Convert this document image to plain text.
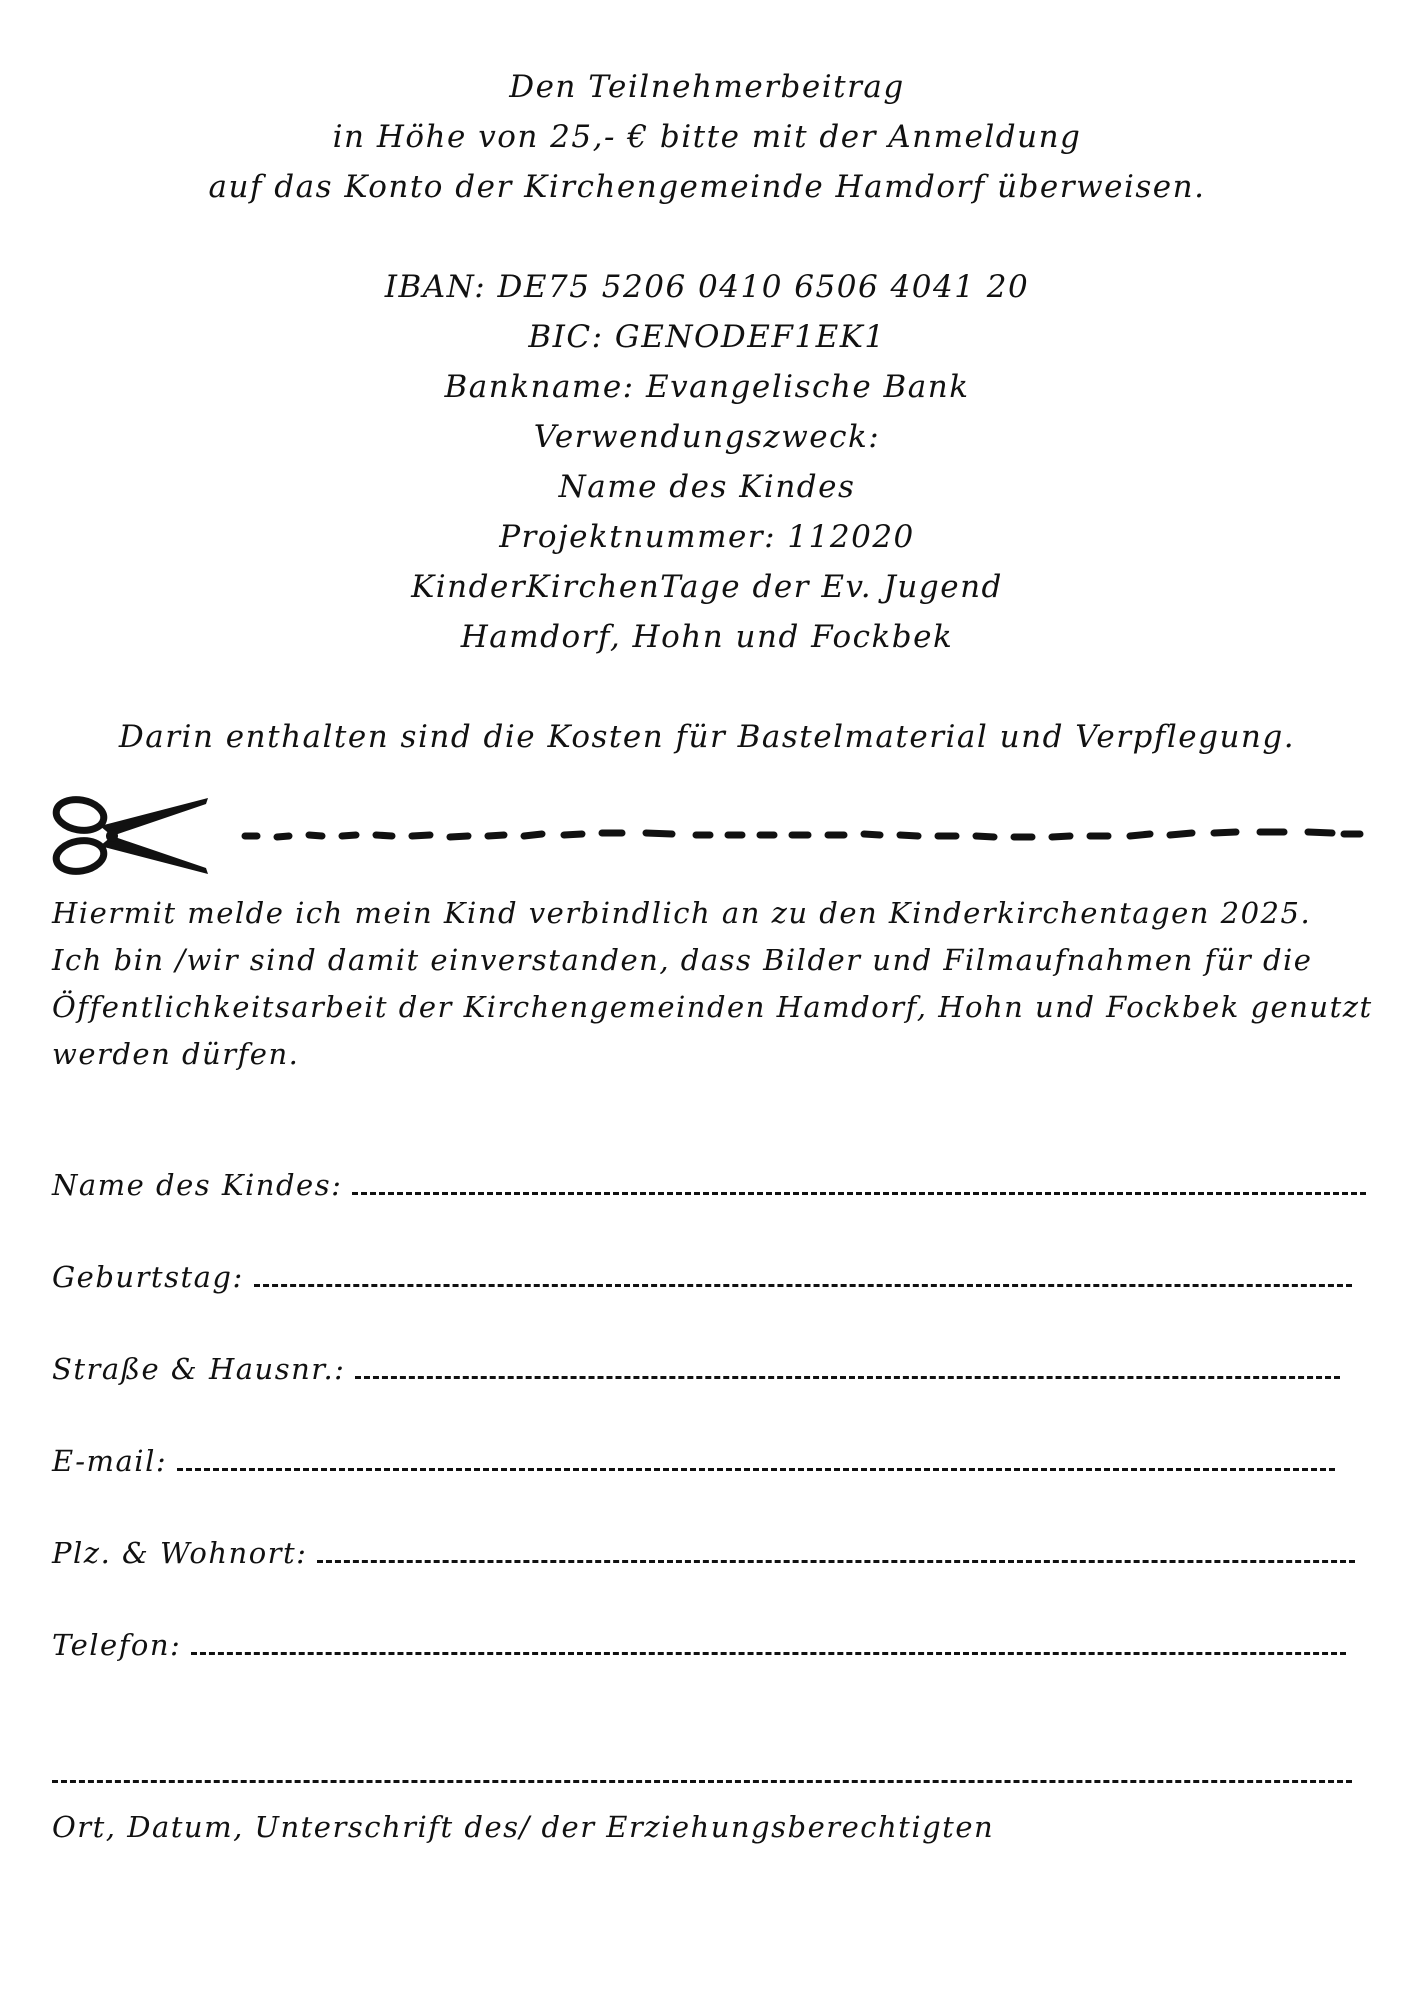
Den Teilnehmerbeitrag
in Höhe von 25,- € bitte mit der Anmeldung
auf das Konto der Kirchengemeinde Hamdorf überweisen.
IBAN: DE75 5206 0410 6506 4041 20
BIC: GENODEF1EK1
Bankname: Evangelische Bank
Verwendungszweck:
Name des Kindes
Projektnummer: 112020
KinderKirchenTage der Ev. Jugend
Hamdorf, Hohn und Fockbek
Darin enthalten sind die Kosten für Bastelmaterial und Verpflegung.
Hiermit melde ich mein Kind verbindlich an zu den Kinderkirchentagen 2025.
Ich bin /wir sind damit einverstanden, dass Bilder und Filmaufnahmen für die
Öffentlichkeitsarbeit der Kirchengemeinden Hamdorf, Hohn und Fockbek genutzt
werden dürfen.
Name des Kindes:
Geburtstag:
Straße & Hausnr.:
E-mail:
Plz. & Wohnort:
Telefon:
Ort, Datum, Unterschrift des/ der Erziehungsberechtigten
